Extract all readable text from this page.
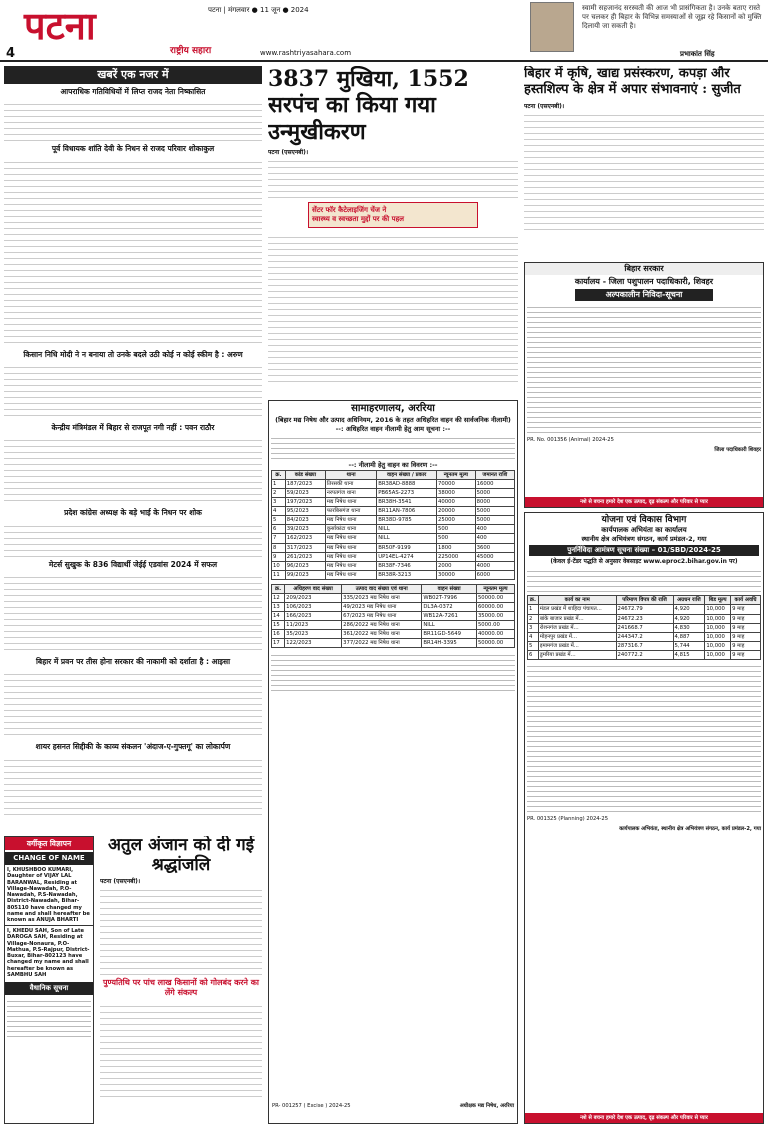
4
पटना	पटना | मंगलवार ● 11 जून ● 2024
राष्ट्रीय सहारा	www.rashtriyasahara.com
स्वामी सहजानंद सरस्वती की आज भी प्रासंगिकता है। उनके बताए रास्ते पर चलकर ही बिहार के विभिन्न समस्याओं से जूझ रहे किसानों को मुक्ति दिलायी जा सकती है।
प्रभाकांत सिंह
खबरें एक नजर में
आपराधिक गतिविधियों में लिप्त राजद नेता निष्कासित
पूर्व विधायक शांति देवी के निधन से राजद परिवार शोकाकुल
किसान निधि मोदी ने न बनाया तो उनके बदले उठी कोई न कोई स्कीम है : अरुण
केन्द्रीय मंत्रिमंडल में बिहार से राजपूत नगी नहीं : पवन राठौर
प्रदेश कांग्रेस अध्यक्ष के बड़े भाई के निधन पर शोक
मेटर्स सुखुक के 836 विद्यार्थी जेईई एडवांस 2024 में सफल
बिहार में प्रवन पर तीस होना सरकार की नाकामी को दर्शाता है : आइसा
शायर हसनत सिद्दीकी के काव्य संकलन 'अंदाज-ए-गुफ्तगू' का लोकार्पण
वर्गीकृत विज्ञापन
CHANGE OF NAME
I, KHUSHBOO KUMARI, Daughter of VIJAY LAL BARANWAL, Residing at Village-Nawadah, P.O-Nawadah, P.S-Nawadah, District-Nawadah, Bihar-805110 have changed my name and shall hereafter be known as ANUJA BHARTI
I, KHEDU SAH, Son of Late DAROGA SAH, Residing at Village-Nonaura, P.O-Mathua, P.S-Rajpur, District-Buxar, Bihar-802123 have changed my name and shall hereafter be known as SAMBHU SAH
वैधानिक सूचना
अतुल अंजान को दी गई श्रद्धांजलि
पटना (एसएनबी)।
पुण्यतिथि पर पांच लाख किसानों को गोलबंद करने का लेंगे संकल्प
3837 मुखिया, 1552 सरपंच का किया गया उन्मुखीकरण
पटना (एसएनबी)।
सेंटर फॉर कैटेलाइजिंग चेंज ने
स्वास्थ्य व स्वच्छता मुद्दों पर की पहल
बिहार में कृषि, खाद्य प्रसंस्करण, कपड़ा और हस्तशिल्प के क्षेत्र में अपार संभावनाएं : सुजीत
पटना (एसएनबी)।
सामाहरणालय, अररिया
(बिहार मद्य निषेध और उत्पाद अधिनियम, 2016 के तहत अधिहरित वाहन की सार्वजनिक नीलामी)
--: अधिहरित वाहन नीलामी हेतु आम सूचना :--
--: नीलामी हेतु वाहन का विवरण :--
क्र.	कांड संख्या	थाना	वाहन संख्या / प्रकार	न्यूनतम मूल्य	जमानत राशि
1	187/2023	तिरसकी थाना	BR38AD-8888	70000	16000
2	59/2023	नरपतगंज थाना	PB65AS-2273	38000	5000
3	197/2023	मद्य निषेध थाना	BR38H-3541	40000	8000
4	95/2023	फारबिसगंज थाना	BR11AN-7806	20000	5000
5	84/2023	मद्य निषेध थाना	BR38D-9785	25000	5000
6	39/2023	कुर्साकांटा थाना	NILL	500	400
7	162/2023	मद्य निषेध थाना	NILL	500	400
8	317/2023	मद्य निषेध थाना	BR50F-9199	1800	3600
9	261/2023	मद्य निषेध थाना	UP14EL-4274	225000	45000
10	96/2023	मद्य निषेध थाना	BR38F-7346	2000	4000
11	99/2023	मद्य निषेध थाना	BR38R-3213	30000	6000
क्र.	अधिहरण वाद संख्या	उत्पाद वाद संख्या एवं थाना	वाहन संख्या	न्यूनतम मूल्य
12	209/2023	335/2023 मद्य निषेध थाना	WB02T-7996	50000.00
13	106/2023	49/2023 मद्य निषेध थाना	DL3A-0372	60000.00
14	166/2023	67/2023 मद्य निषेध थाना	WB12A-7261	35000.00
15	11/2023	286/2022 मद्य निषेध थाना	NILL	5000.00
16	35/2023	361/2022 मद्य निषेध थाना	BR11GD-5649	40000.00
17	122/2023	377/2022 मद्य निषेध थाना	BR14H-3395	50000.00
PR- 001257 ( Excise ) 2024-25	अधीक्षक मद्य निषेध, अररिया
बिहार सरकार
कार्यालय - जिला पशुपालन पदाधिकारी, शिवहर
अल्पकालीन निविदा-सूचना
PR. No. 001356 (Animal) 2024-25
जिला पदाधिकारी शिवहर
नशे से बचना हमारे देश एक उत्पाद, दृढ़ संकल्प और परिवार से प्यार
योजना एवं विकास विभाग
कार्यपालक अभियंता का कार्यालय
स्थानीय क्षेत्र अभियंत्रण संगठन, कार्य प्रमंडल-2, गया
पुनर्निविदा आमंत्रण सूचना संख्या – 01/SBD/2024-25
(केवल ई-टेंडर पद्धति से अनुसार वेबसाइट www.eproc2.bihar.gov.in पर)
क्र.	कार्य का नाम	परिमाण विपत्र की राशि	अग्रधन राशि	बिड मूल्य	कार्य अवधि
1	मंडल प्रखंड में शाहिदा पंचायत...	24672.79	4,920	10,000	9 माह
2	बांके बाजार प्रखंड में...	24672.23	4,920	10,000	9 माह
3	रोशनगंज प्रखंड में...	241668.7	4,830	10,000	9 माह
4	मोहनपुर प्रखंड में...	244347.2	4,887	10,000	9 माह
5	इमामगंज प्रखंड में...	287316.7	5,744	10,000	9 माह
6	डुमरिया प्रखंड में...	240772.2	4,815	10,000	9 माह
PR. 001325 (Planning) 2024-25
कार्यपालक अभियंता, स्थानीय क्षेत्र अभियंत्रण संगठन, कार्य प्रमंडल-2, गया
नशे से बचना हमारे देश एक उत्पाद, दृढ़ संकल्प और परिवार से प्यार
